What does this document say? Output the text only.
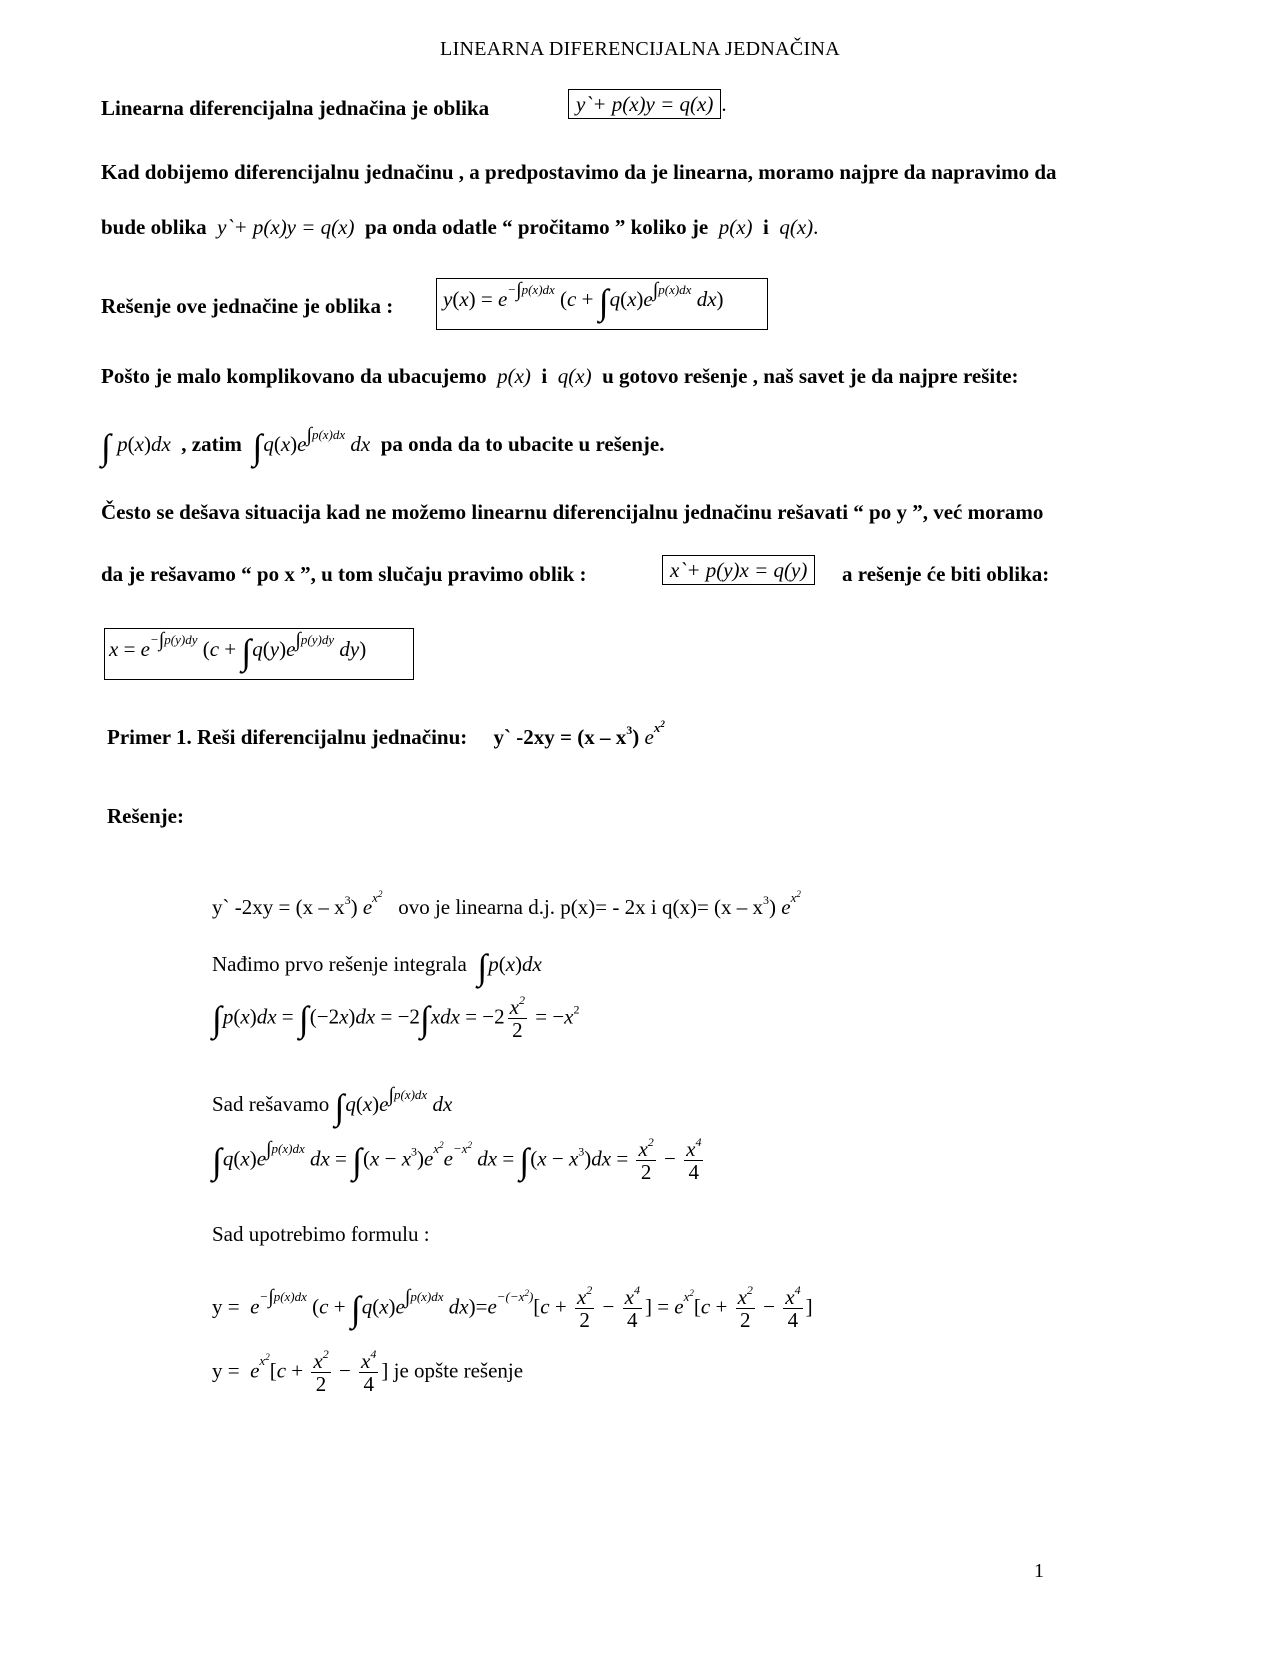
LINEARNA DIFERENCIJALNA JEDNAČINA
Linearna diferencijalna jednačina je oblika	y`+ p(x)y = q(x) .
Kad dobijemo diferencijalnu jednačinu , a predpostavimo da je linearna, moramo najpre da napravimo da
bude oblika y`+ p(x)y = q(x) pa onda odatle “ pročitamo ” koliko je p(x) i q(x).
Rešenje ove jednačine je oblika :	$y(x) = e^{-\int p(x)dx}$ ($c + \int q(x)e^{\int p(x)dx}$ dx)
Pošto je malo komplikovano da ubacujemo p(x) i q(x) u gotovo rešenje , naš savet je da najpre rešite:
∫ p(x)dx , zatim $\int q(x)e^{\int p(x)dx}$ dx pa onda da to ubacite u rešenje.
Često se dešava situacija kad ne možemo linearnu diferencijalnu jednačinu rešavati “ po y ”, već moramo
da je rešavamo “ po x ”, u tom slučaju pravimo oblik :	x`+ p(y)x = q(y)	a rešenje će biti oblika:
$x = e^{-\int p(y)dy}$ ($c + \int q(y)e^{\int p(y)dy}$ dy)
Primer 1. Reši diferencijalnu jednačinu: y` $-2xy = (x - x^3)$ $e^{x^2}$
Rešenje:
y` $-2xy = (x - x^3)$ $e^{x^2}$   ovo je linearna d.j. p(x)= - 2x i $q(x)= (x - x^3)$ $e^{x^2}$
Nađimo prvo rešenje integrala ∫p(x)dx
$\int p(x)dx = \int(-2x)dx = -2\int xdx = -2 \frac{x^2}{2} = -x^2$
Sad rešavamo $\int q(x)e^{\int p(x)dx}$ dx
$\int q(x)e^{\int p(x)dx}$ dx = $\int(x - x^3)e^{x^2}e^{-x^2}$ dx = $\int(x - x^3)dx = \frac{x^2}{2} - \frac{x^4}{4}$
Sad upotrebimo formulu :
$y = e^{-\int p(x)dx}$ ($c + \int q(x)e^{\int p(x)dx}$ $dx)=e^{-(-x^2)}[c + \frac{x^2}{2} - \frac{x^4}{4}$ ] = $e^{x^2}[c + \frac{x^2}{2} - \frac{x^4}{4}$ ]
$y = e^{x^2}[c + \frac{x^2}{2} - \frac{x^4}{4}$ ] je opšte rešenje
1
